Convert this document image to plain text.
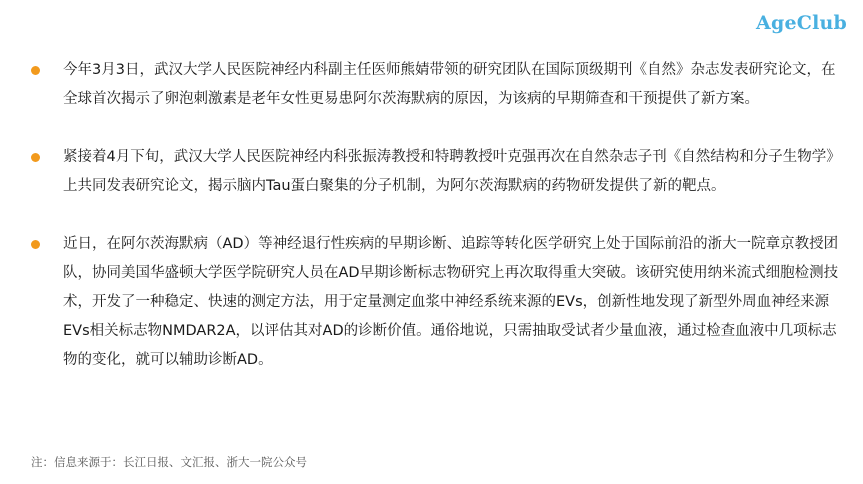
AgeClub
今年3月3日，武汉大学人民医院神经内科副主任医师熊婧带领的研究团队在国际顶级期刊《自然》杂志发表研究论文，在全球首次揭示了卵泡刺激素是老年女性更易患阿尔茨海默病的原因，为该病的早期筛查和干预提供了新方案。
紧接着4月下旬，武汉大学人民医院神经内科张振涛教授和特聘教授叶克强再次在自然杂志子刊《自然结构和分子生物学》上共同发表研究论文，揭示脑内Tau蛋白聚集的分子机制，为阿尔茨海默病的药物研发提供了新的靶点。
近日，在阿尔茨海默病（AD）等神经退行性疾病的早期诊断、追踪等转化医学研究上处于国际前沿的浙大一院章京教授团队，协同美国华盛顿大学医学院研究人员在AD早期诊断标志物研究上再次取得重大突破。该研究使用纳米流式细胞检测技术，开发了一种稳定、快速的测定方法，用于定量测定血浆中神经系统来源的EVs，创新性地发现了新型外周血神经来源EVs相关标志物NMDAR2A，以评估其对AD的诊断价值。通俗地说，只需抽取受试者少量血液，通过检查血液中几项标志物的变化，就可以辅助诊断AD。
注：信息来源于：长江日报、文汇报、浙大一院公众号
